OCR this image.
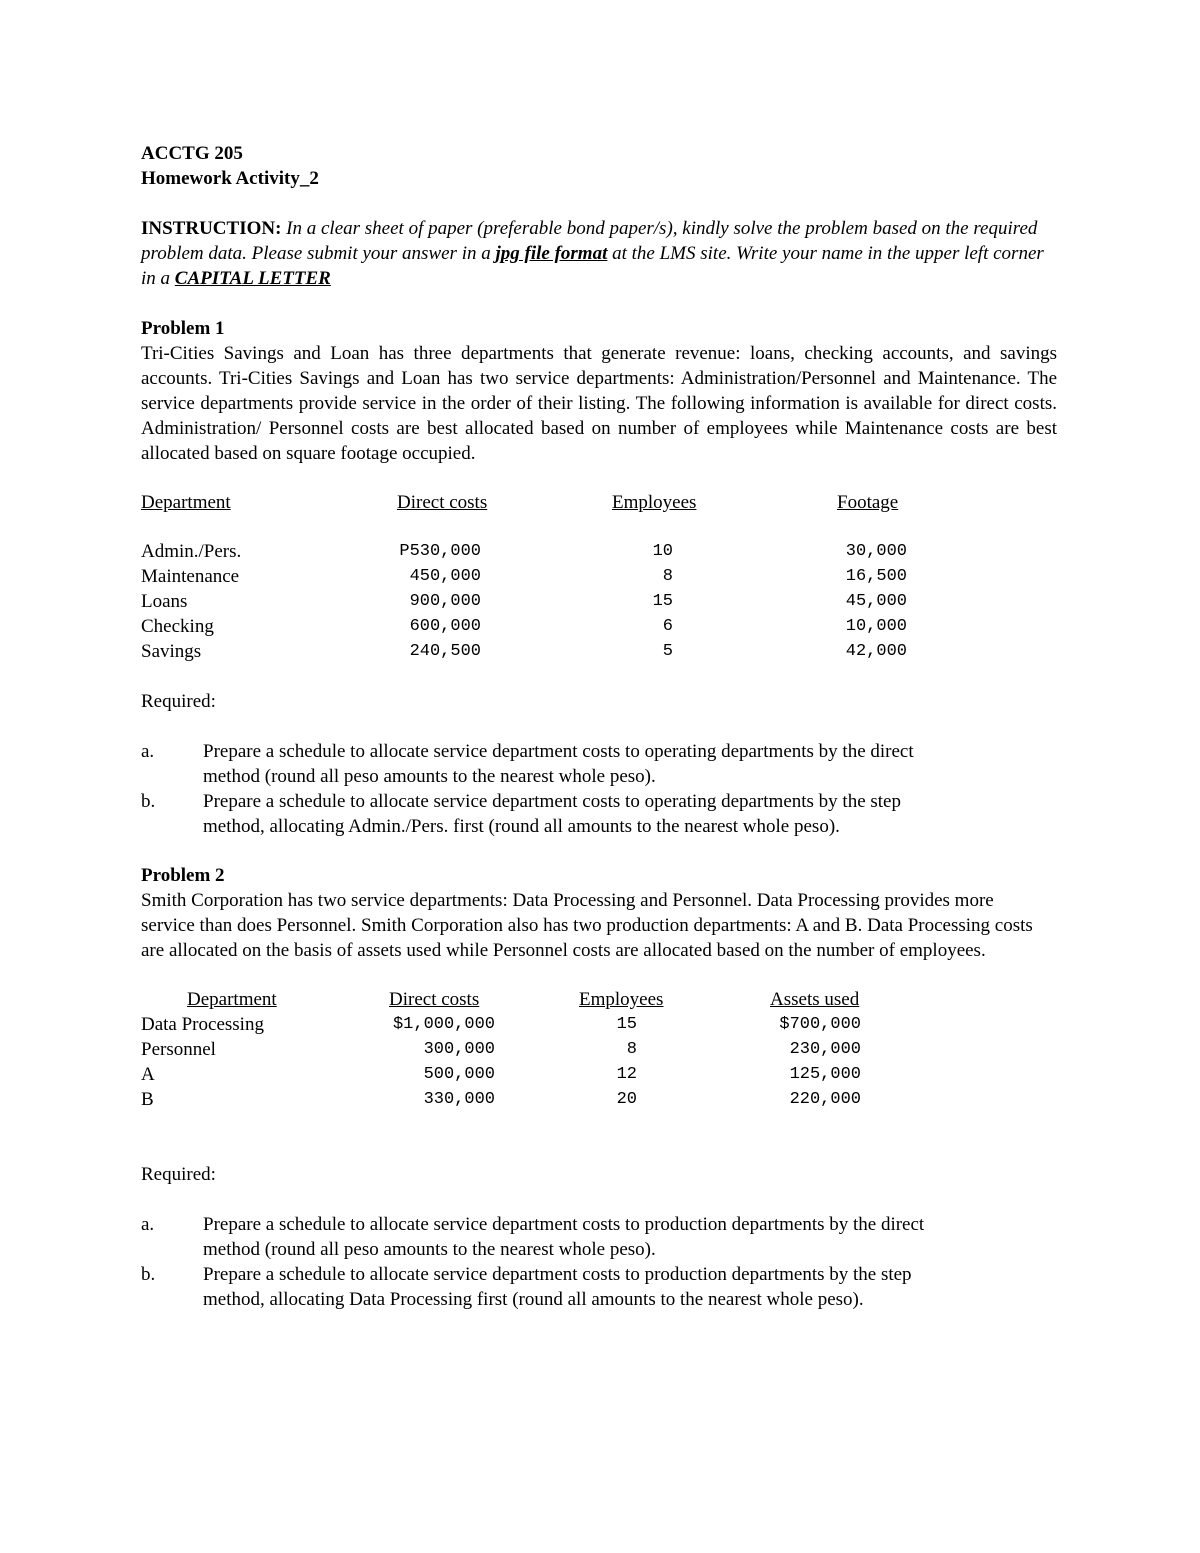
ACCTG 205
Homework Activity_2
INSTRUCTION: In a clear sheet of paper (preferable bond paper/s), kindly solve the problem based on the required problem data. Please submit your answer in a jpg file format at the LMS site. Write your name in the upper left corner in a CAPITAL LETTER
Problem 1
Tri-Cities Savings and Loan has three departments that generate revenue: loans, checking accounts, and savings accounts. Tri-Cities Savings and Loan has two service departments: Administration/Personnel and Maintenance. The service departments provide service in the order of their listing. The following information is available for direct costs. Administration/ Personnel costs are best allocated based on number of employees while Maintenance costs are best allocated based on square footage occupied.
Department	Direct costs	Employees	Footage
Admin./Pers.	P530,000	10	30,000
Maintenance	450,000	8	16,500
Loans	900,000	15	45,000
Checking	600,000	6	10,000
Savings	240,500	5	42,000
Required:
a.	Prepare a schedule to allocate service department costs to operating departments by the direct method (round all peso amounts to the nearest whole peso).
b.	Prepare a schedule to allocate service department costs to operating departments by the step method, allocating Admin./Pers. first (round all amounts to the nearest whole peso).
Problem 2
Smith Corporation has two service departments: Data Processing and Personnel. Data Processing provides more service than does Personnel. Smith Corporation also has two production departments: A and B. Data Processing costs are allocated on the basis of assets used while Personnel costs are allocated based on the number of employees.
Department	Direct costs	Employees	Assets used
Data Processing	$1,000,000	15	$700,000
Personnel	300,000	8	230,000
A	500,000	12	125,000
B	330,000	20	220,000
Required:
a.	Prepare a schedule to allocate service department costs to production departments by the direct method (round all peso amounts to the nearest whole peso).
b.	Prepare a schedule to allocate service department costs to production departments by the step method, allocating Data Processing first (round all amounts to the nearest whole peso).
